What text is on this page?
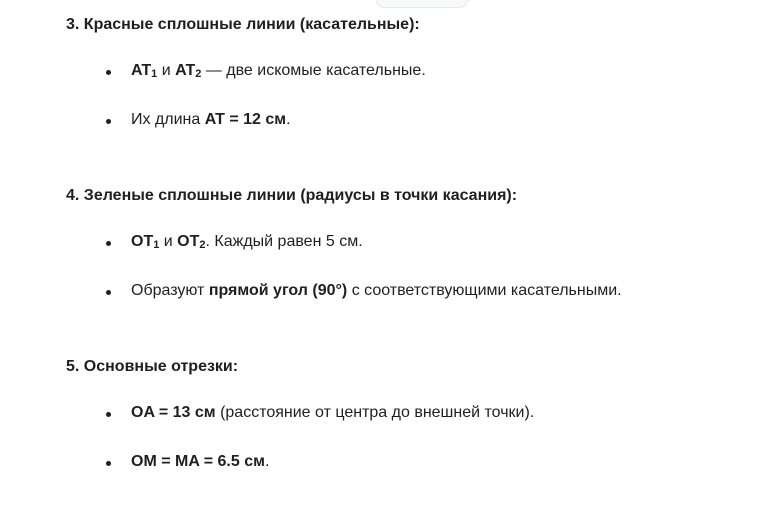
3. Красные сплошные линии (касательные):
$AT_1$ и $AT_2$ — две искомые касательные.
Их длина AT = 12 см.
4. Зеленые сплошные линии (радиусы в точки касания):
$OT_1$ и $OT_2$. Каждый равен 5 см.
Образуют прямой угол (90°) с соответствующими касательными.
5. Основные отрезки:
OA = 13 см (расстояние от центра до внешней точки).
OM = MA = 6.5 см.
